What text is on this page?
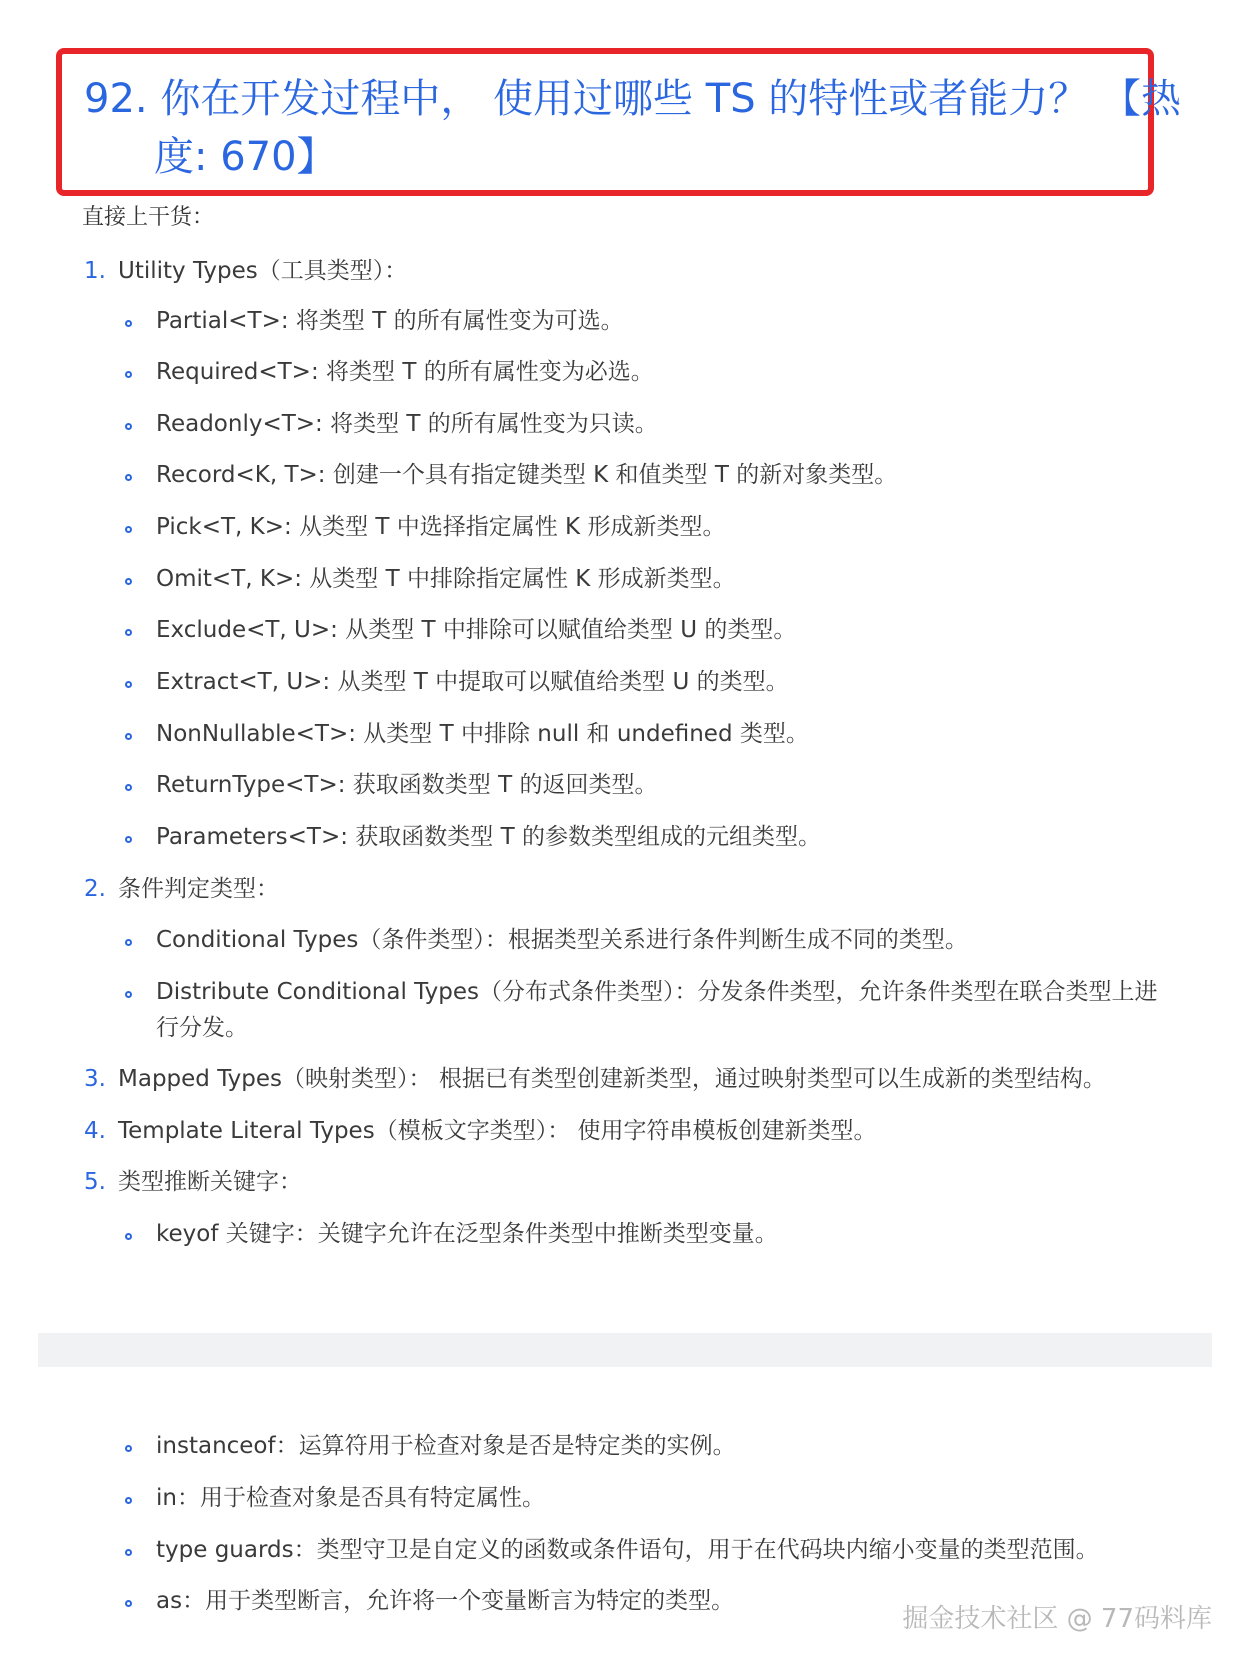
92. 你在开发过程中， 使用过哪些 TS 的特性或者能力？ 【热度: 670】
直接上干货：
1. Utility Types（工具类型）：
Partial<T>: 将类型 T 的所有属性变为可选。
Required<T>: 将类型 T 的所有属性变为必选。
Readonly<T>: 将类型 T 的所有属性变为只读。
Record<K, T>: 创建一个具有指定键类型 K 和值类型 T 的新对象类型。
Pick<T, K>: 从类型 T 中选择指定属性 K 形成新类型。
Omit<T, K>: 从类型 T 中排除指定属性 K 形成新类型。
Exclude<T, U>: 从类型 T 中排除可以赋值给类型 U 的类型。
Extract<T, U>: 从类型 T 中提取可以赋值给类型 U 的类型。
NonNullable<T>: 从类型 T 中排除 null 和 undefined 类型。
ReturnType<T>: 获取函数类型 T 的返回类型。
Parameters<T>: 获取函数类型 T 的参数类型组成的元组类型。
2. 条件判定类型：
Conditional Types（条件类型）：根据类型关系进行条件判断生成不同的类型。
Distribute Conditional Types（分布式条件类型）：分发条件类型，允许条件类型在联合类型上进行分发。
3. Mapped Types（映射类型）： 根据已有类型创建新类型，通过映射类型可以生成新的类型结构。
4. Template Literal Types（模板文字类型）： 使用字符串模板创建新类型。
5. 类型推断关键字：
keyof 关键字：关键字允许在泛型条件类型中推断类型变量。
instanceof：运算符用于检查对象是否是特定类的实例。
in：用于检查对象是否具有特定属性。
type guards：类型守卫是自定义的函数或条件语句，用于在代码块内缩小变量的类型范围。
as：用于类型断言，允许将一个变量断言为特定的类型。
掘金技术社区 @ 77码料库
